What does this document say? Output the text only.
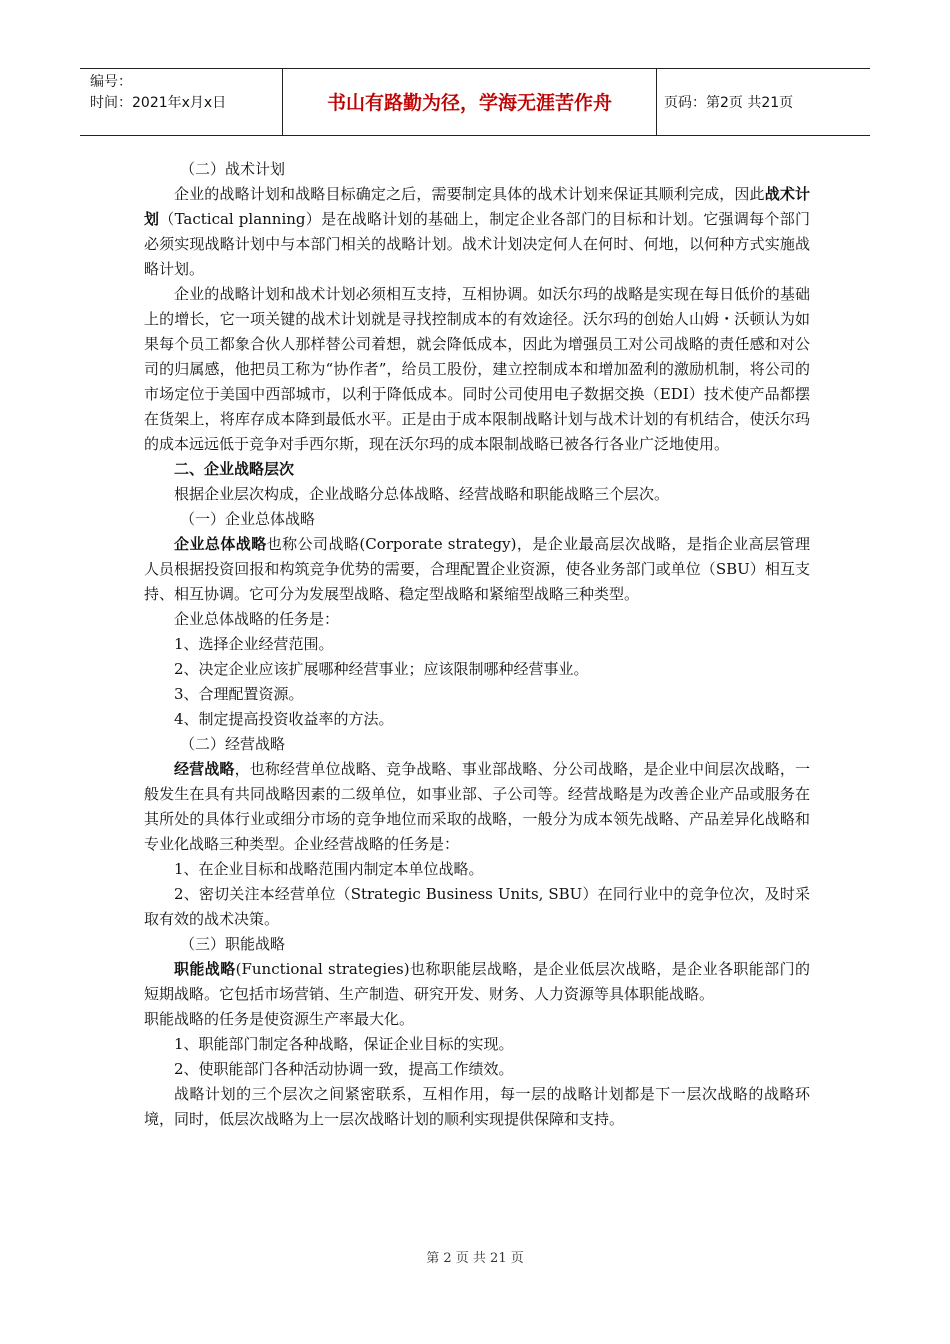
编号：
时间：2021年x月x日	书山有路勤为径，学海无涯苦作舟	页码：第2页 共21页

（二）战术计划

企业的战略计划和战略目标确定之后，需要制定具体的战术计划来保证其顺利完成，因此战术计划（Tactical planning）是在战略计划的基础上，制定企业各部门的目标和计划。它强调每个部门必须实现战略计划中与本部门相关的战略计划。战术计划决定何人在何时、何地，以何种方式实施战略计划。

企业的战略计划和战术计划必须相互支持，互相协调。如沃尔玛的战略是实现在每日低价的基础上的增长，它一项关键的战术计划就是寻找控制成本的有效途径。沃尔玛的创始人山姆・沃顿认为如果每个员工都象合伙人那样替公司着想，就会降低成本，因此为增强员工对公司战略的责任感和对公司的归属感，他把员工称为“协作者”，给员工股份，建立控制成本和增加盈利的激励机制，将公司的市场定位于美国中西部城市，以利于降低成本。同时公司使用电子数据交换（EDI）技术使产品都摆在货架上，将库存成本降到最低水平。正是由于成本限制战略计划与战术计划的有机结合，使沃尔玛的成本远远低于竞争对手西尔斯，现在沃尔玛的成本限制战略已被各行各业广泛地使用。

二、企业战略层次

根据企业层次构成，企业战略分总体战略、经营战略和职能战略三个层次。

（一）企业总体战略

企业总体战略也称公司战略(Corporate strategy)，是企业最高层次战略，是指企业高层管理人员根据投资回报和构筑竞争优势的需要，合理配置企业资源，使各业务部门或单位（SBU）相互支持、相互协调。它可分为发展型战略、稳定型战略和紧缩型战略三种类型。

企业总体战略的任务是：

1、选择企业经营范围。

2、决定企业应该扩展哪种经营事业；应该限制哪种经营事业。

3、合理配置资源。

4、制定提高投资收益率的方法。

（二）经营战略

经营战略，也称经营单位战略、竞争战略、事业部战略、分公司战略，是企业中间层次战略，一般发生在具有共同战略因素的二级单位，如事业部、子公司等。经营战略是为改善企业产品或服务在其所处的具体行业或细分市场的竞争地位而采取的战略，一般分为成本领先战略、产品差异化战略和专业化战略三种类型。企业经营战略的任务是：

1、在企业目标和战略范围内制定本单位战略。

2、密切关注本经营单位（Strategic Business Units, SBU）在同行业中的竞争位次，及时采取有效的战术决策。

（三）职能战略

职能战略(Functional strategies)也称职能层战略，是企业低层次战略，是企业各职能部门的短期战略。它包括市场营销、生产制造、研究开发、财务、人力资源等具体职能战略。

职能战略的任务是使资源生产率最大化。

1、职能部门制定各种战略，保证企业目标的实现。

2、使职能部门各种活动协调一致，提高工作绩效。

战略计划的三个层次之间紧密联系，互相作用，每一层的战略计划都是下一层次战略的战略环境，同时，低层次战略为上一层次战略计划的顺利实现提供保障和支持。

第 2 页 共 21 页
